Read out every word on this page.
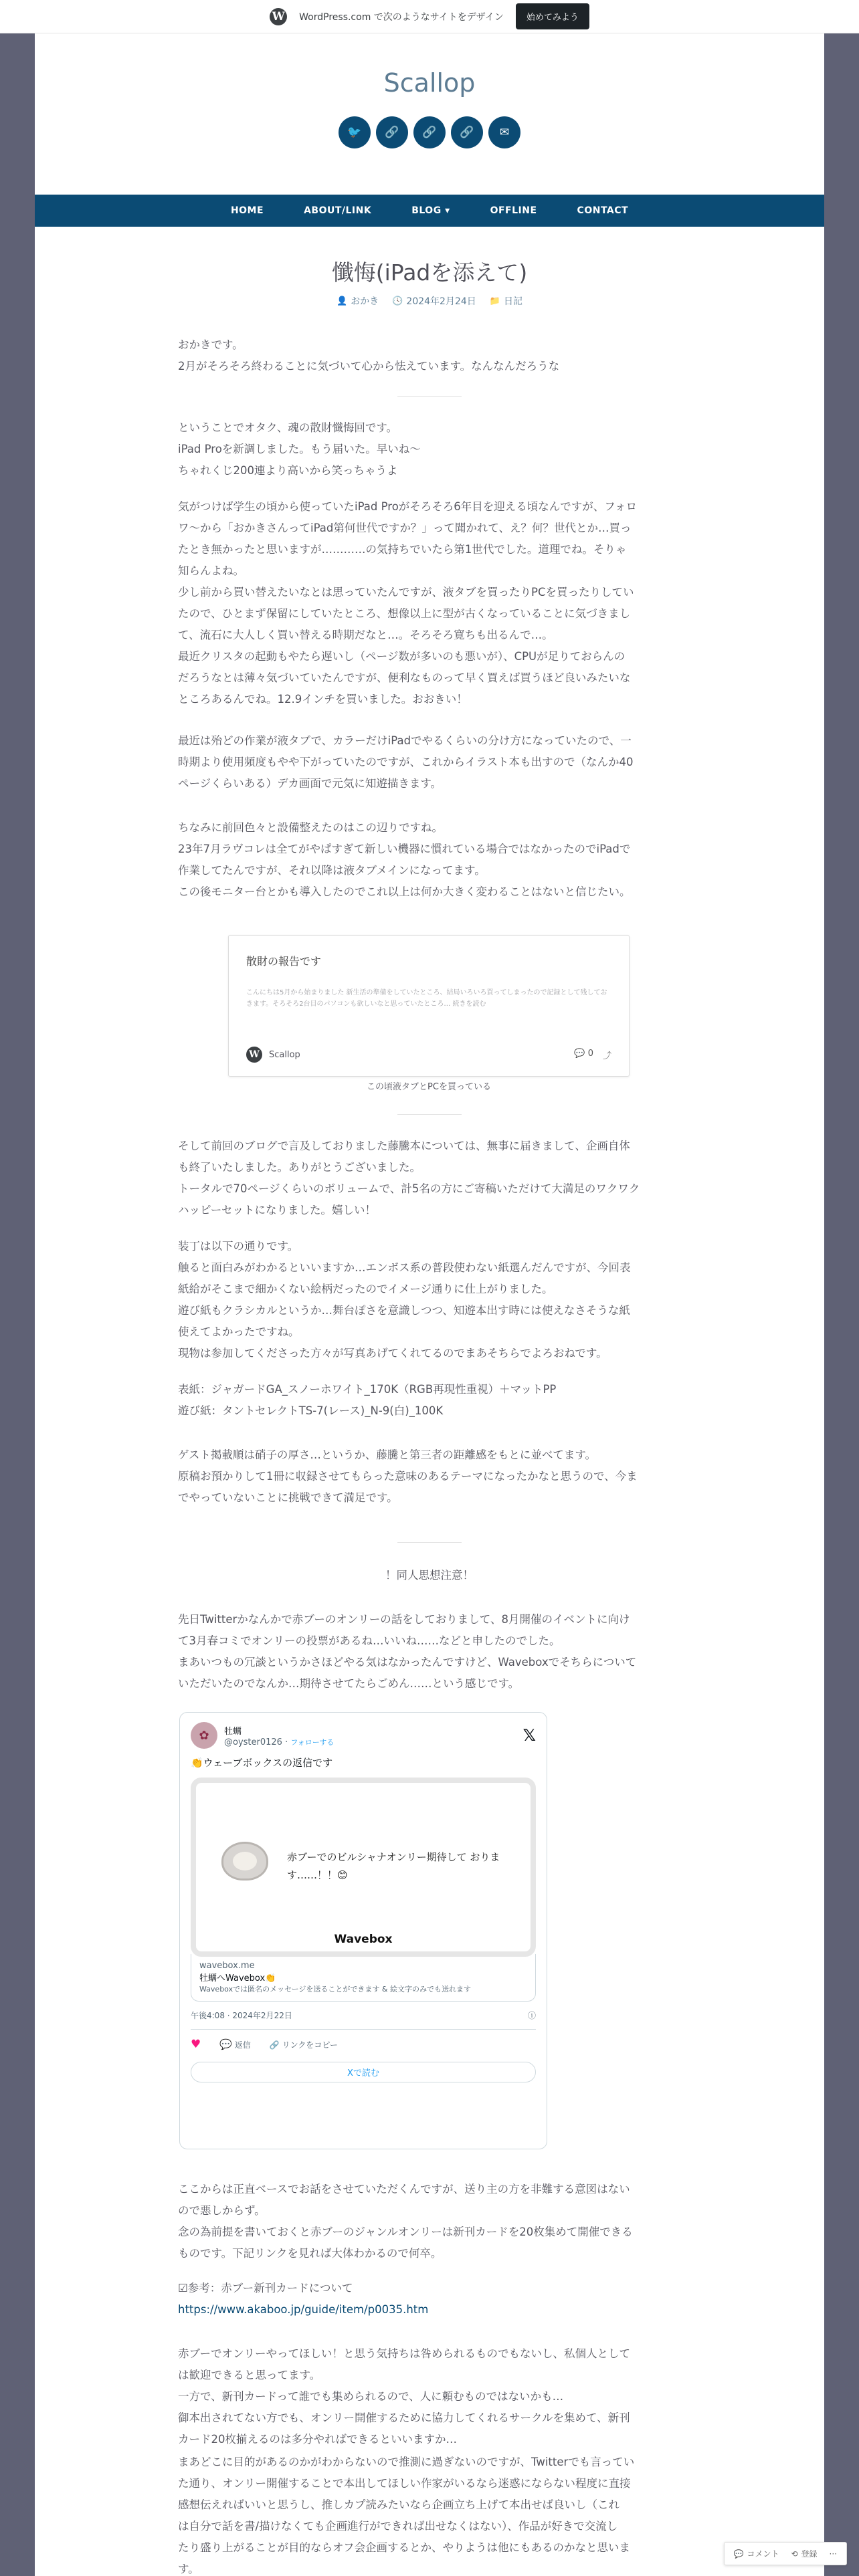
W WordPress.com で次のようなサイトをデザイン	始めてみよう
Scallop
🐦	🔗	🔗	🔗	✉
HOME	ABOUT/LINK	BLOG ▾	OFFLINE	CONTACT
懺悔(iPadを添えて)
👤 おかき 🕓 2024年2月24日 📁 日記
おかきです。
2月がそろそろ終わることに気づいて心から怯えています。なんなんだろうな
ということでオタク、魂の散財懺悔回です。
iPad Proを新調しました。もう届いた。早いね〜
ちゃれくじ200連より高いから笑っちゃうよ
気がつけば学生の頃から使っていたiPad Proがそろそろ6年目を迎える頃なんですが、フォロ
ワ〜から「おかきさんってiPad第何世代ですか？」って聞かれて、え？何？世代とか…買っ
たとき無かったと思いますが…………の気持ちでいたら第1世代でした。道理でね。そりゃ
知らんよね。
少し前から買い替えたいなとは思っていたんですが、液タブを買ったりPCを買ったりしてい
たので、ひとまず保留にしていたところ、想像以上に型が古くなっていることに気づきまし
て、流石に大人しく買い替える時期だなと…。そろそろ寛ちも出るんで…。
最近クリスタの起動もやたら遅いし（ページ数が多いのも悪いが）、CPUが足りておらんの
だろうなとは薄々気づいていたんですが、便利なものって早く買えば買うほど良いみたいな
ところあるんでね。12.9インチを買いました。おおきい！
最近は殆どの作業が液タブで、カラーだけiPadでやるくらいの分け方になっていたので、一
時期より使用頻度もやや下がっていたのですが、これからイラスト本も出すので（なんか40
ページくらいある）デカ画面で元気に知遊描きます。
ちなみに前回色々と設備整えたのはこの辺りですね。
23年7月ラヴコレは全てがやぱすぎて新しい機器に慣れている場合ではなかったのでiPadで
作業してたんですが、それ以降は液タブメインになってます。
この後モニター台とかも導入したのでこれ以上は何か大きく変わることはないと信じたい。
散財の報告です
こんにちは5月から始まりました 新生活の準備をしていたところ、結局いろいろ買ってしまったので記録として残しておきます。そろそろ2台目のパソコンも欲しいなと思っていたところ… 続きを読む
W	Scallop	💬 0 ⤴
この頃液タブとPCを買っている
そして前回のブログで言及しておりました藤騰本については、無事に届きまして、企画自体
も終了いたしました。ありがとうございました。
トータルで70ページくらいのボリュームで、計5名の方にご寄稿いただけて大満足のワクワク
ハッピーセットになりました。嬉しい！
装丁は以下の通りです。
触ると面白みがわかるといいますか…エンボス系の普段使わない紙選んだんですが、今回表
紙給がそこまで細かくない絵柄だったのでイメージ通りに仕上がりました。
遊び紙もクラシカルというか…舞台ぽさを意識しつつ、知遊本出す時には使えなさそうな紙
使えてよかったですね。
現物は参加してくださった方々が写真あげてくれてるのでまあそちらでよろおねです。
表紙：ジャガードGA_スノーホワイト_170K（RGB再現性重視）＋マットPP
遊び紙：タントセレクトTS-7(レース)_N-9(白)_100K
ゲスト掲載順は硝子の厚さ…というか、藤騰と第三者の距離感をもとに並べてます。
原稿お預かりして1冊に収録させてもらった意味のあるテーマになったかなと思うので、今ま
でやっていないことに挑戦できて満足です。
！同人思想注意！
先日Twitterかなんかで赤ブーのオンリーの話をしておりまして、8月開催のイベントに向け
て3月春コミでオンリーの投票があるね…いいね……などと申したのでした。
まあいつもの冗談というかさほどやる気はなかったんですけど、Waveboxでそちらについて
いただいたのでなんか…期待させてたらごめん……という感じです。
✿	牡蠣
@oyster0126 · フォローする	𝕏
👏ウェーブボックスの返信です
赤ブーでのビルシャナオンリー期待して おります……！！😊
Wavebox
wavebox.me
牡蠣へWavebox👏
Waveboxでは匿名のメッセージを送ることができます & 絵文字のみでも送れます
午後4:08 · 2024年2月22日	ⓘ
♥ 💬 返信 🔗 リンクをコピー
Xで読む
ここからは正直ベースでお話をさせていただくんですが、送り主の方を非難する意図はない
ので悪しからず。
念の為前提を書いておくと赤ブーのジャンルオンリーは新刊カードを20枚集めて開催できる
ものです。下記リンクを見れば大体わかるので何卒。
☑参考：赤ブー新刊カードについて
https://www.akaboo.jp/guide/item/p0035.htm
赤ブーでオンリーやってほしい！と思う気持ちは咎められるものでもないし、私個人として
は歓迎できると思ってます。
一方で、新刊カードって誰でも集められるので、人に頼むものではないかも…
御本出されてない方でも、オンリー開催するために協力してくれるサークルを集めて、新刊
カード20枚揃えるのは多分やればできるといいますか…
まあどこに目的があるのかがわからないので推測に過ぎないのですが、Twitterでも言ってい
た通り、オンリー開催することで本出してほしい作家がいるなら迷惑にならない程度に直接
感想伝えればいいと思うし、推しカプ読みたいなら企画立ち上げて本出せば良いし（これ
は自分で話を書/描けなくても企画進行ができれば出せなくはない）、作品が好きで交流し
たり盛り上がることが目的ならオフ会企画するとか、やりようは他にもあるのかなと思いま
す。
💬 コメント ⟲ 登録 ···
